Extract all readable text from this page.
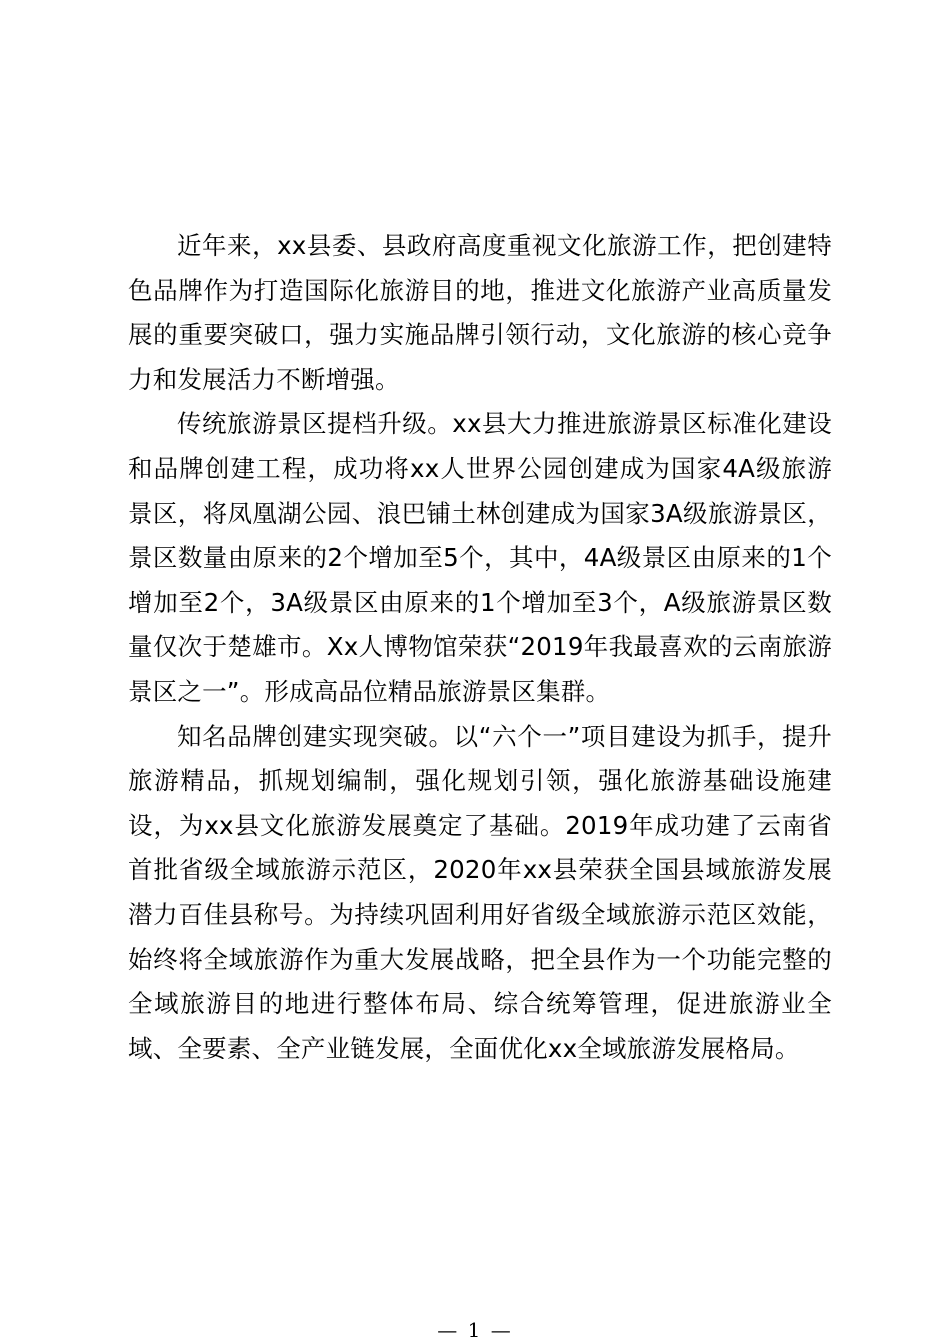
近年来，xx县委、县政府高度重视文化旅游工作，把创建特色品牌作为打造国际化旅游目的地，推进文化旅游产业高质量发展的重要突破口，强力实施品牌引领行动，文化旅游的核心竞争力和发展活力不断增强。

传统旅游景区提档升级。xx县大力推进旅游景区标准化建设和品牌创建工程，成功将xx人世界公园创建成为国家4A级旅游景区，将凤凰湖公园、浪巴铺土林创建成为国家3A级旅游景区，景区数量由原来的2个增加至5个，其中，4A级景区由原来的1个增加至2个，3A级景区由原来的1个增加至3个，A级旅游景区数量仅次于楚雄市。Xx人博物馆荣获“2019年我最喜欢的云南旅游景区之一”。形成高品位精品旅游景区集群。

知名品牌创建实现突破。以“六个一”项目建设为抓手，提升旅游精品，抓规划编制，强化规划引领，强化旅游基础设施建设，为xx县文化旅游发展奠定了基础。2019年成功建了云南省首批省级全域旅游示范区，2020年xx县荣获全国县域旅游发展潜力百佳县称号。为持续巩固利用好省级全域旅游示范区效能，始终将全域旅游作为重大发展战略，把全县作为一个功能完整的全域旅游目的地进行整体布局、综合统筹管理，促进旅游业全域、全要素、全产业链发展，全面优化xx全域旅游发展格局。

— 1 —
